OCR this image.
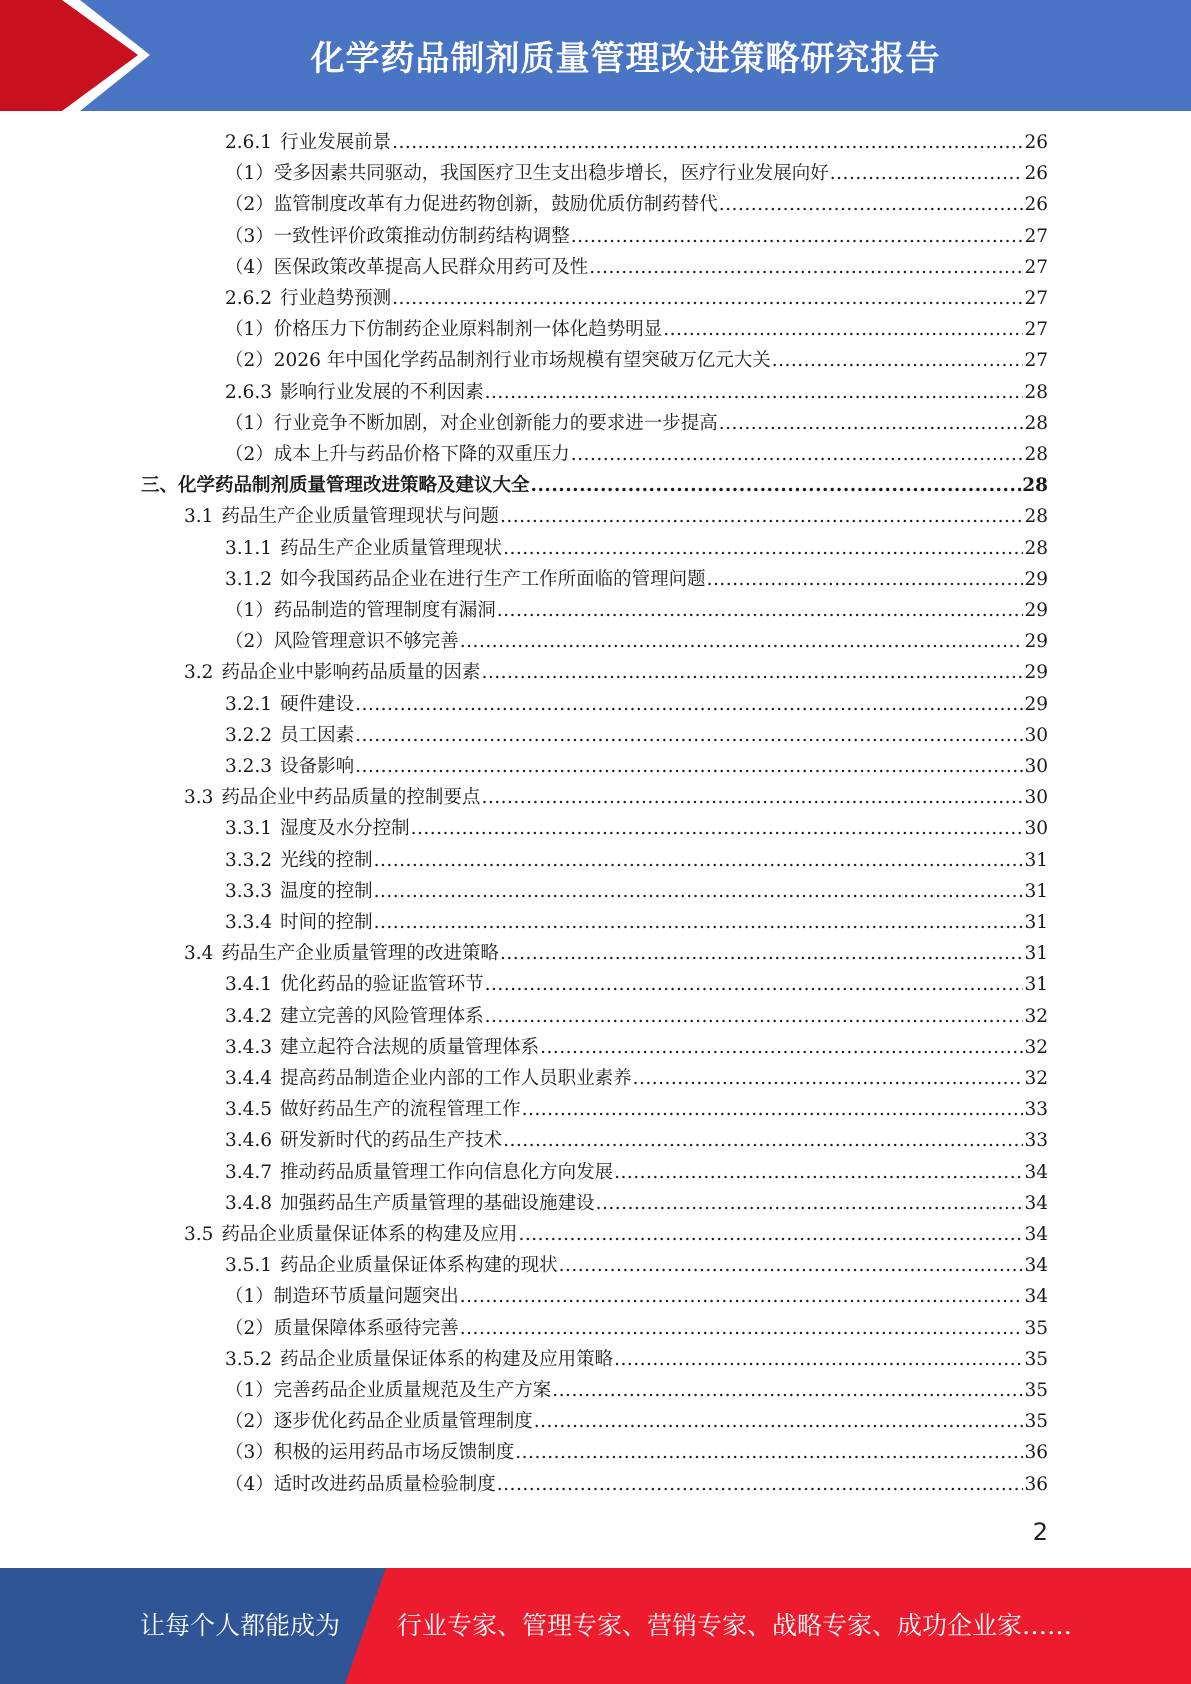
化学药品制剂质量管理改进策略研究报告
2.6.1 行业发展前景 .....	26
（1） 受多因素共同驱动，我国医疗卫生支出稳步增长，医疗行业发展向好 .....	26
（2） 监管制度改革有力促进药物创新，鼓励优质仿制药替代 .....	26
（3） 一致性评价政策推动仿制药结构调整 .....	27
（4） 医保政策改革提高人民群众用药可及性 .....	27
2.6.2 行业趋势预测 .....	27
（1） 价格压力下仿制药企业原料制剂一体化趋势明显 .....	27
（2） 2026 年中国化学药品制剂行业市场规模有望突破万亿元大关 .....	27
2.6.3 影响行业发展的不利因素 .....	28
（1） 行业竞争不断加剧，对企业创新能力的要求进一步提高 .....	28
（2） 成本上升与药品价格下降的双重压力 .....	28
三、 化学药品制剂质量管理改进策略及建议大全 .....	28
3.1 药品生产企业质量管理现状与问题 .....	28
3.1.1 药品生产企业质量管理现状 .....	28
3.1.2 如今我国药品企业在进行生产工作所面临的管理问题 .....	29
（1） 药品制造的管理制度有漏洞 .....	29
（2） 风险管理意识不够完善 .....	29
3.2 药品企业中影响药品质量的因素 .....	29
3.2.1 硬件建设 .....	29
3.2.2 员工因素 .....	30
3.2.3 设备影响 .....	30
3.3 药品企业中药品质量的控制要点 .....	30
3.3.1 湿度及水分控制 .....	30
3.3.2 光线的控制 .....	31
3.3.3 温度的控制 .....	31
3.3.4 时间的控制 .....	31
3.4 药品生产企业质量管理的改进策略 .....	31
3.4.1 优化药品的验证监管环节 .....	31
3.4.2 建立完善的风险管理体系 .....	32
3.4.3 建立起符合法规的质量管理体系 .....	32
3.4.4 提高药品制造企业内部的工作人员职业素养 .....	32
3.4.5 做好药品生产的流程管理工作 .....	33
3.4.6 研发新时代的药品生产技术 .....	33
3.4.7 推动药品质量管理工作向信息化方向发展 .....	34
3.4.8 加强药品生产质量管理的基础设施建设 .....	34
3.5 药品企业质量保证体系的构建及应用 .....	34
3.5.1 药品企业质量保证体系构建的现状 .....	34
（1） 制造环节质量问题突出 .....	34
（2） 质量保障体系亟待完善 .....	35
3.5.2 药品企业质量保证体系的构建及应用策略 .....	35
（1） 完善药品企业质量规范及生产方案 .....	35
（2） 逐步优化药品企业质量管理制度 .....	35
（3） 积极的运用药品市场反馈制度 .....	36
（4） 适时改进药品质量检验制度 .....	36
2
让每个人都能成为 行业专家、管理专家、营销专家、战略专家、成功企业家……
